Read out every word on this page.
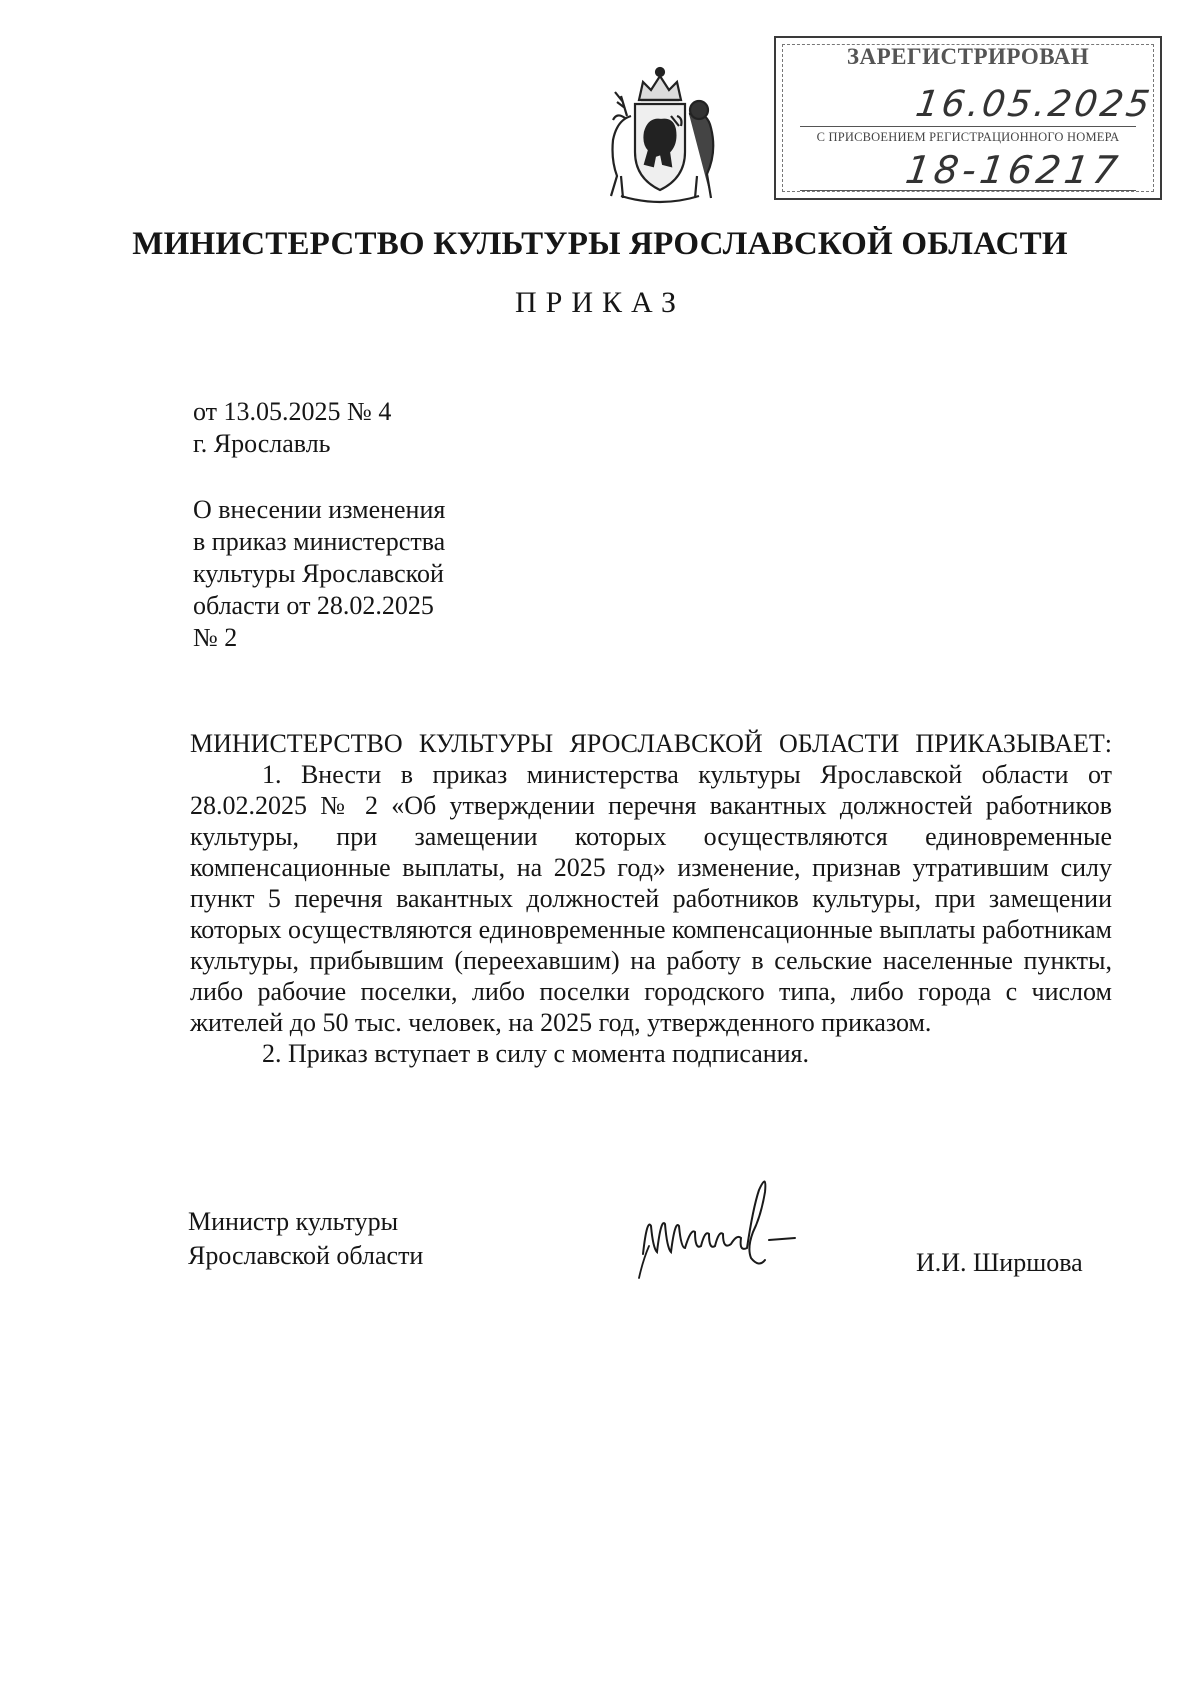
ЗАРЕГИСТРИРОВАН
16.05.2025
С ПРИСВОЕНИЕМ РЕГИСТРАЦИОННОГО НОМЕРА
18-16217
МИНИСТЕРСТВО КУЛЬТУРЫ ЯРОСЛАВСКОЙ ОБЛАСТИ
ПРИКАЗ
от 13.05.2025 № 4
г. Ярославль
О внесении изменения
в приказ министерства
культуры Ярославской
области от 28.02.2025
№ 2

МИНИСТЕРСТВО КУЛЬТУРЫ ЯРОСЛАВСКОЙ ОБЛАСТИ ПРИКАЗЫВАЕТ:

1. Внести в приказ министерства культуры Ярославской области от 28.02.2025 № 2 «Об утверждении перечня вакантных должностей работников культуры, при замещении которых осуществляются единовременные компенсационные выплаты, на 2025 год» изменение, признав утратившим силу пункт 5 перечня вакантных должностей работников культуры, при замещении которых осуществляются единовременные компенсационные выплаты работникам культуры, прибывшим (переехавшим) на работу в сельские населенные пункты, либо рабочие поселки, либо поселки городского типа, либо города с числом жителей до 50 тыс. человек, на 2025 год, утвержденного приказом.

2. Приказ вступает в силу с момента подписания.

Министр культуры
Ярославской области	И.И. Ширшова
